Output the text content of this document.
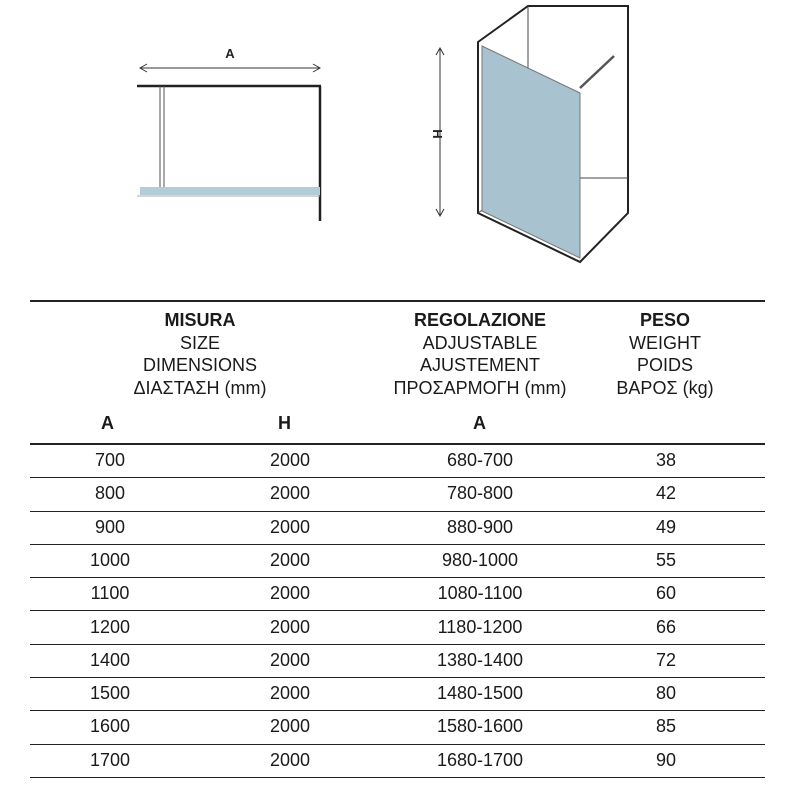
A
H
MISURA
SIZE
DIMENSIONS
ΔΙΑΣΤΑΣΗ (mm)
REGOLAZIONE
ADJUSTABLE
AJUSTEMENT
ΠΡΟΣΑΡΜΟΓΗ (mm)
PESO
WEIGHT
POIDS
ΒΑΡΟΣ (kg)
A	H	A
700	2000	680-700	38
800	2000	780-800	42
900	2000	880-900	49
1000	2000	980-1000	55
1100	2000	1080-1100	60
1200	2000	1180-1200	66
1400	2000	1380-1400	72
1500	2000	1480-1500	80
1600	2000	1580-1600	85
1700	2000	1680-1700	90
